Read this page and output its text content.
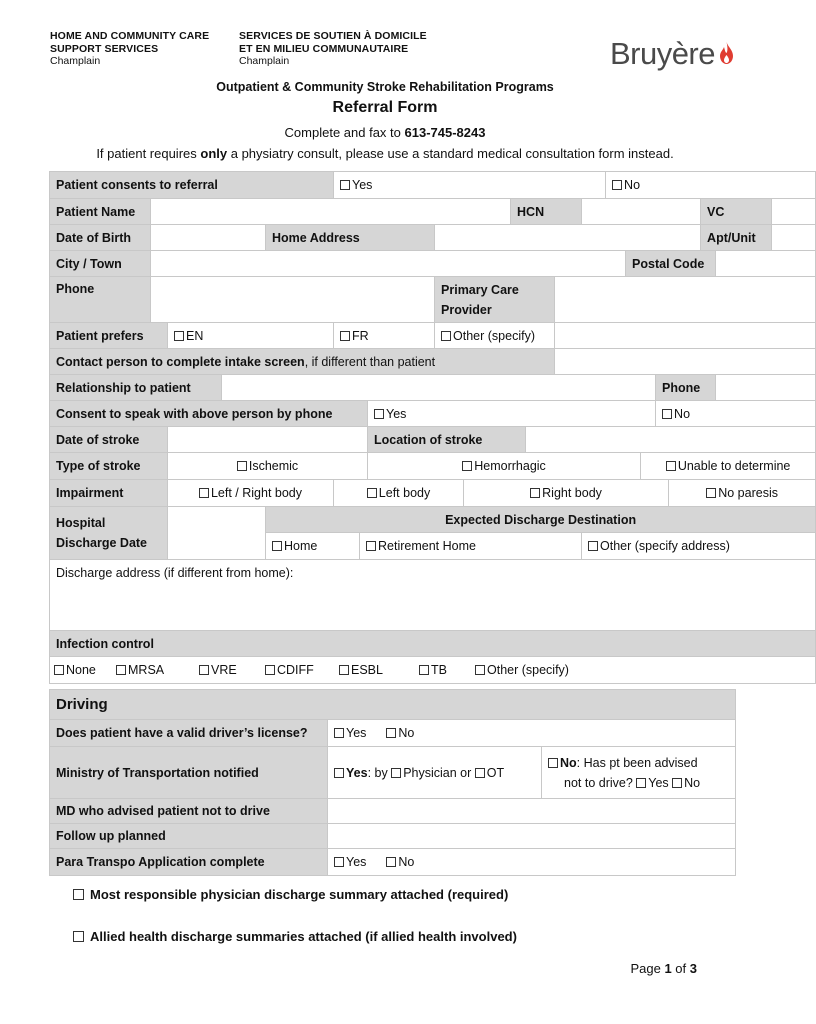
HOME AND COMMUNITY CARE
SUPPORT SERVICES
Champlain
SERVICES DE SOUTIEN À DOMICILE
ET EN MILIEU COMMUNAUTAIRE
Champlain	Bruyère
Outpatient & Community Stroke Rehabilitation Programs
Referral Form
Complete and fax to 613-745-8243
If patient requires only a physiatry consult, please use a standard medical consultation form instead.
Patient consents to referral					Yes									No							
Patient Name										HCN									VC		
Date of Birth				Home Address															Apt/Unit		
City / Town															Postal Code						
Phone								Primary Care
Provider													
Patient prefers		EN			FR			Other (specify)													
Contact person to complete intake screen, if different than patient																					
Relationship to patient																	Phone				
Consent to speak with above person by phone							Yes										No				
Date of stroke							Location of stroke														
Type of stroke		Ischemic					Hemorrhagic									Unable to determine					
Impairment		Left / Right body			Left body				Right body									No paresis			
Hospital
Discharge Date				Expected Discharge Destination																	
				Home		Retirement Home							Other (specify address)								
Discharge address (if different from home):																					
Infection control																					
None MRSA VRE CDIFF ESBL TB Other (specify)																					
Driving		
Does patient have a valid driver’s license?	Yes No	
Ministry of Transportation notified	Yes: by Physician or OT	No: Has pt been advised
not to drive? Yes No
MD who advised patient not to drive		
Follow up planned		
Para Transpo Application complete	Yes No	
Most responsible physician discharge summary attached (required)
Allied health discharge summaries attached (if allied health involved)
Page 1 of 3
